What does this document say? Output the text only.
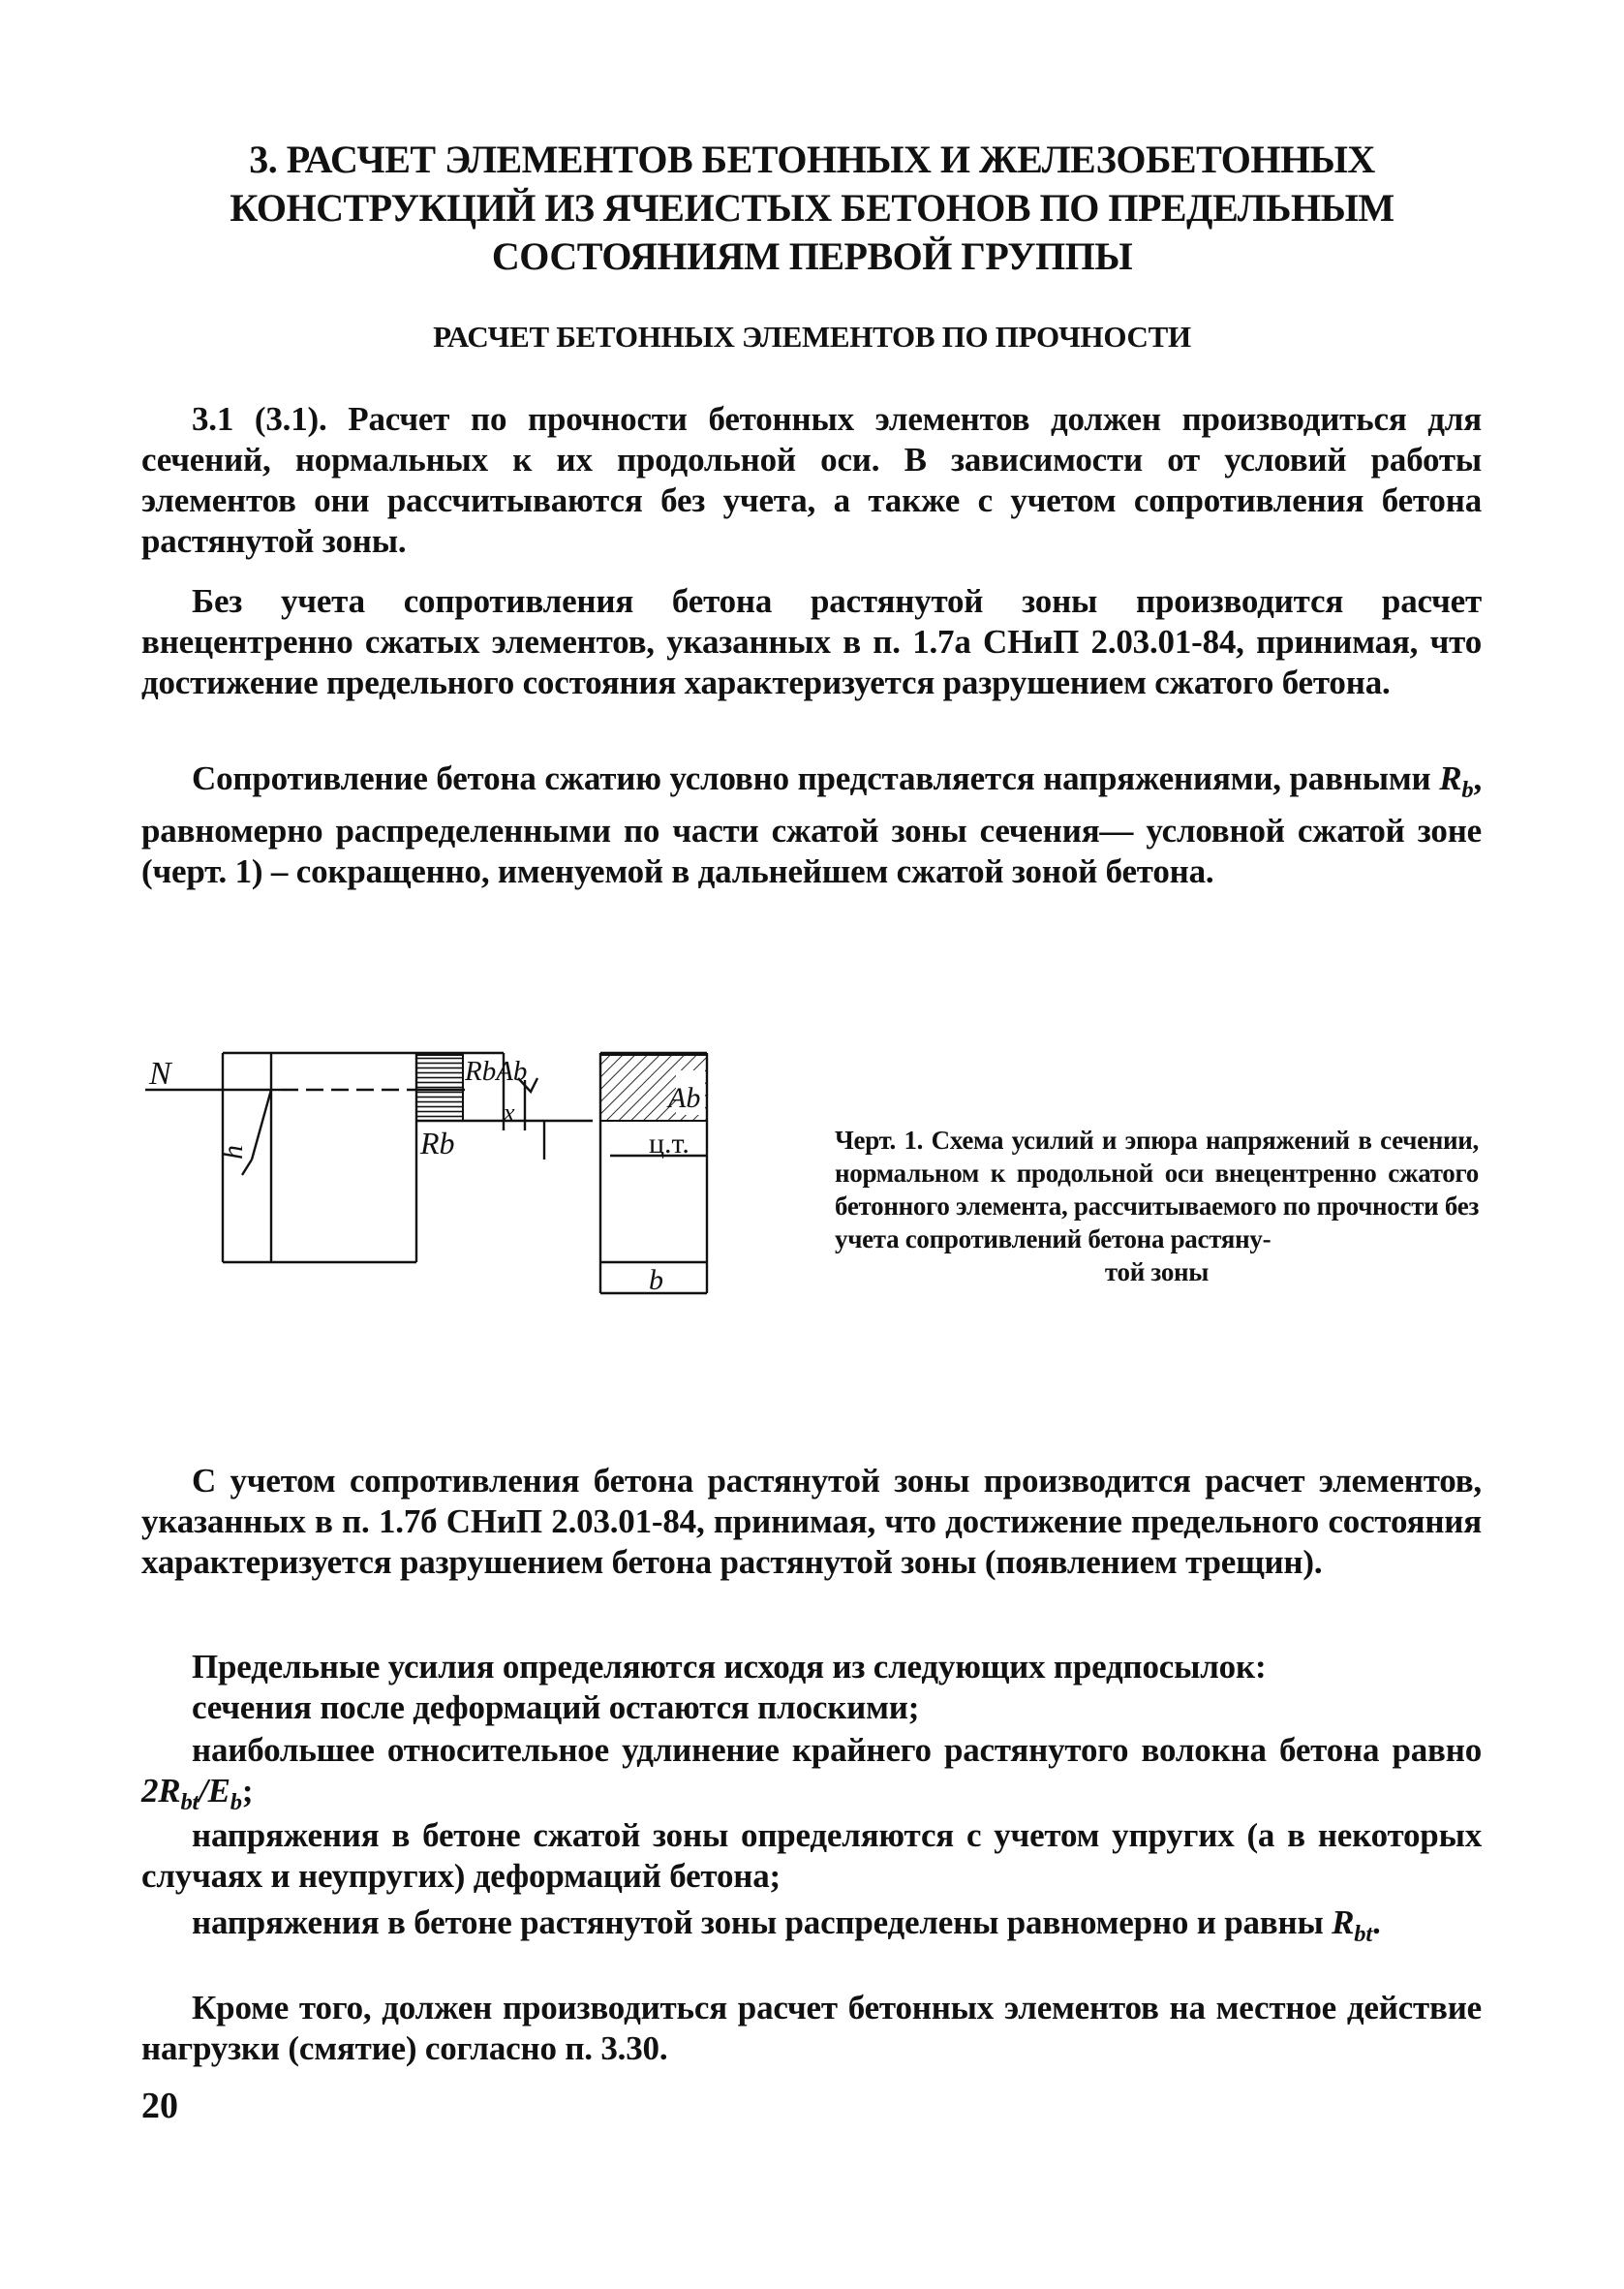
3. РАСЧЕТ ЭЛЕМЕНТОВ БЕТОННЫХ И ЖЕЛЕЗОБЕТОННЫХ
КОНСТРУКЦИЙ ИЗ ЯЧЕИСТЫХ БЕТОНОВ ПО ПРЕДЕЛЬНЫМ
СОСТОЯНИЯМ ПЕРВОЙ ГРУППЫ
РАСЧЕТ БЕТОННЫХ ЭЛЕМЕНТОВ ПО ПРОЧНОСТИ

3.1 (3.1). Расчет по прочности бетонных элементов должен производиться для сечений, нормальных к их продольной оси. В зависимости от условий работы элементов они рассчитываются без учета, а также с учетом сопротивления бетона растянутой зоны.

Без учета сопротивления бетона растянутой зоны производится расчет внецентренно сжатых элементов, указанных в п. 1.7а СНиП 2.03.01-84, принимая, что достижение предельного состояния характеризуется разрушением сжатого бетона.

Сопротивление бетона сжатию условно представляется напряжениями, равными $R_b$, равномерно распределенными по части сжатой зоны сечения— условной сжатой зоне (черт. 1) – сокращенно, именуемой в дальнейшем сжатой зоной бетона.

N
h
RbAb
Rb
x	Ab
ц.т.
b
Черт. 1. Схема усилий и эпюра напряжений в сечении, нормальном к продольной оси внецентренно сжатого бетонного элемента, рассчитываемого по прочности без учета сопротивлений бетона растяну-
той зоны

С учетом сопротивления бетона растянутой зоны производится расчет элементов, указанных в п. 1.7б СНиП 2.03.01-84, принимая, что достижение предельного состояния характеризуется разрушением бетона растянутой зоны (появлением трещин).

Предельные усилия определяются исходя из следующих предпосылок:

сечения после деформаций остаются плоскими;

наибольшее относительное удлинение крайнего растянутого волокна бетона равно $2R_{bt}/E_b$;

напряжения в бетоне сжатой зоны определяются с учетом упругих (а в некоторых случаях и неупругих) деформаций бетона;

напряжения в бетоне растянутой зоны распределены равномерно и равны $R_{bt}$.

Кроме того, должен производиться расчет бетонных элементов на местное действие нагрузки (смятие) согласно п. 3.30.

20
